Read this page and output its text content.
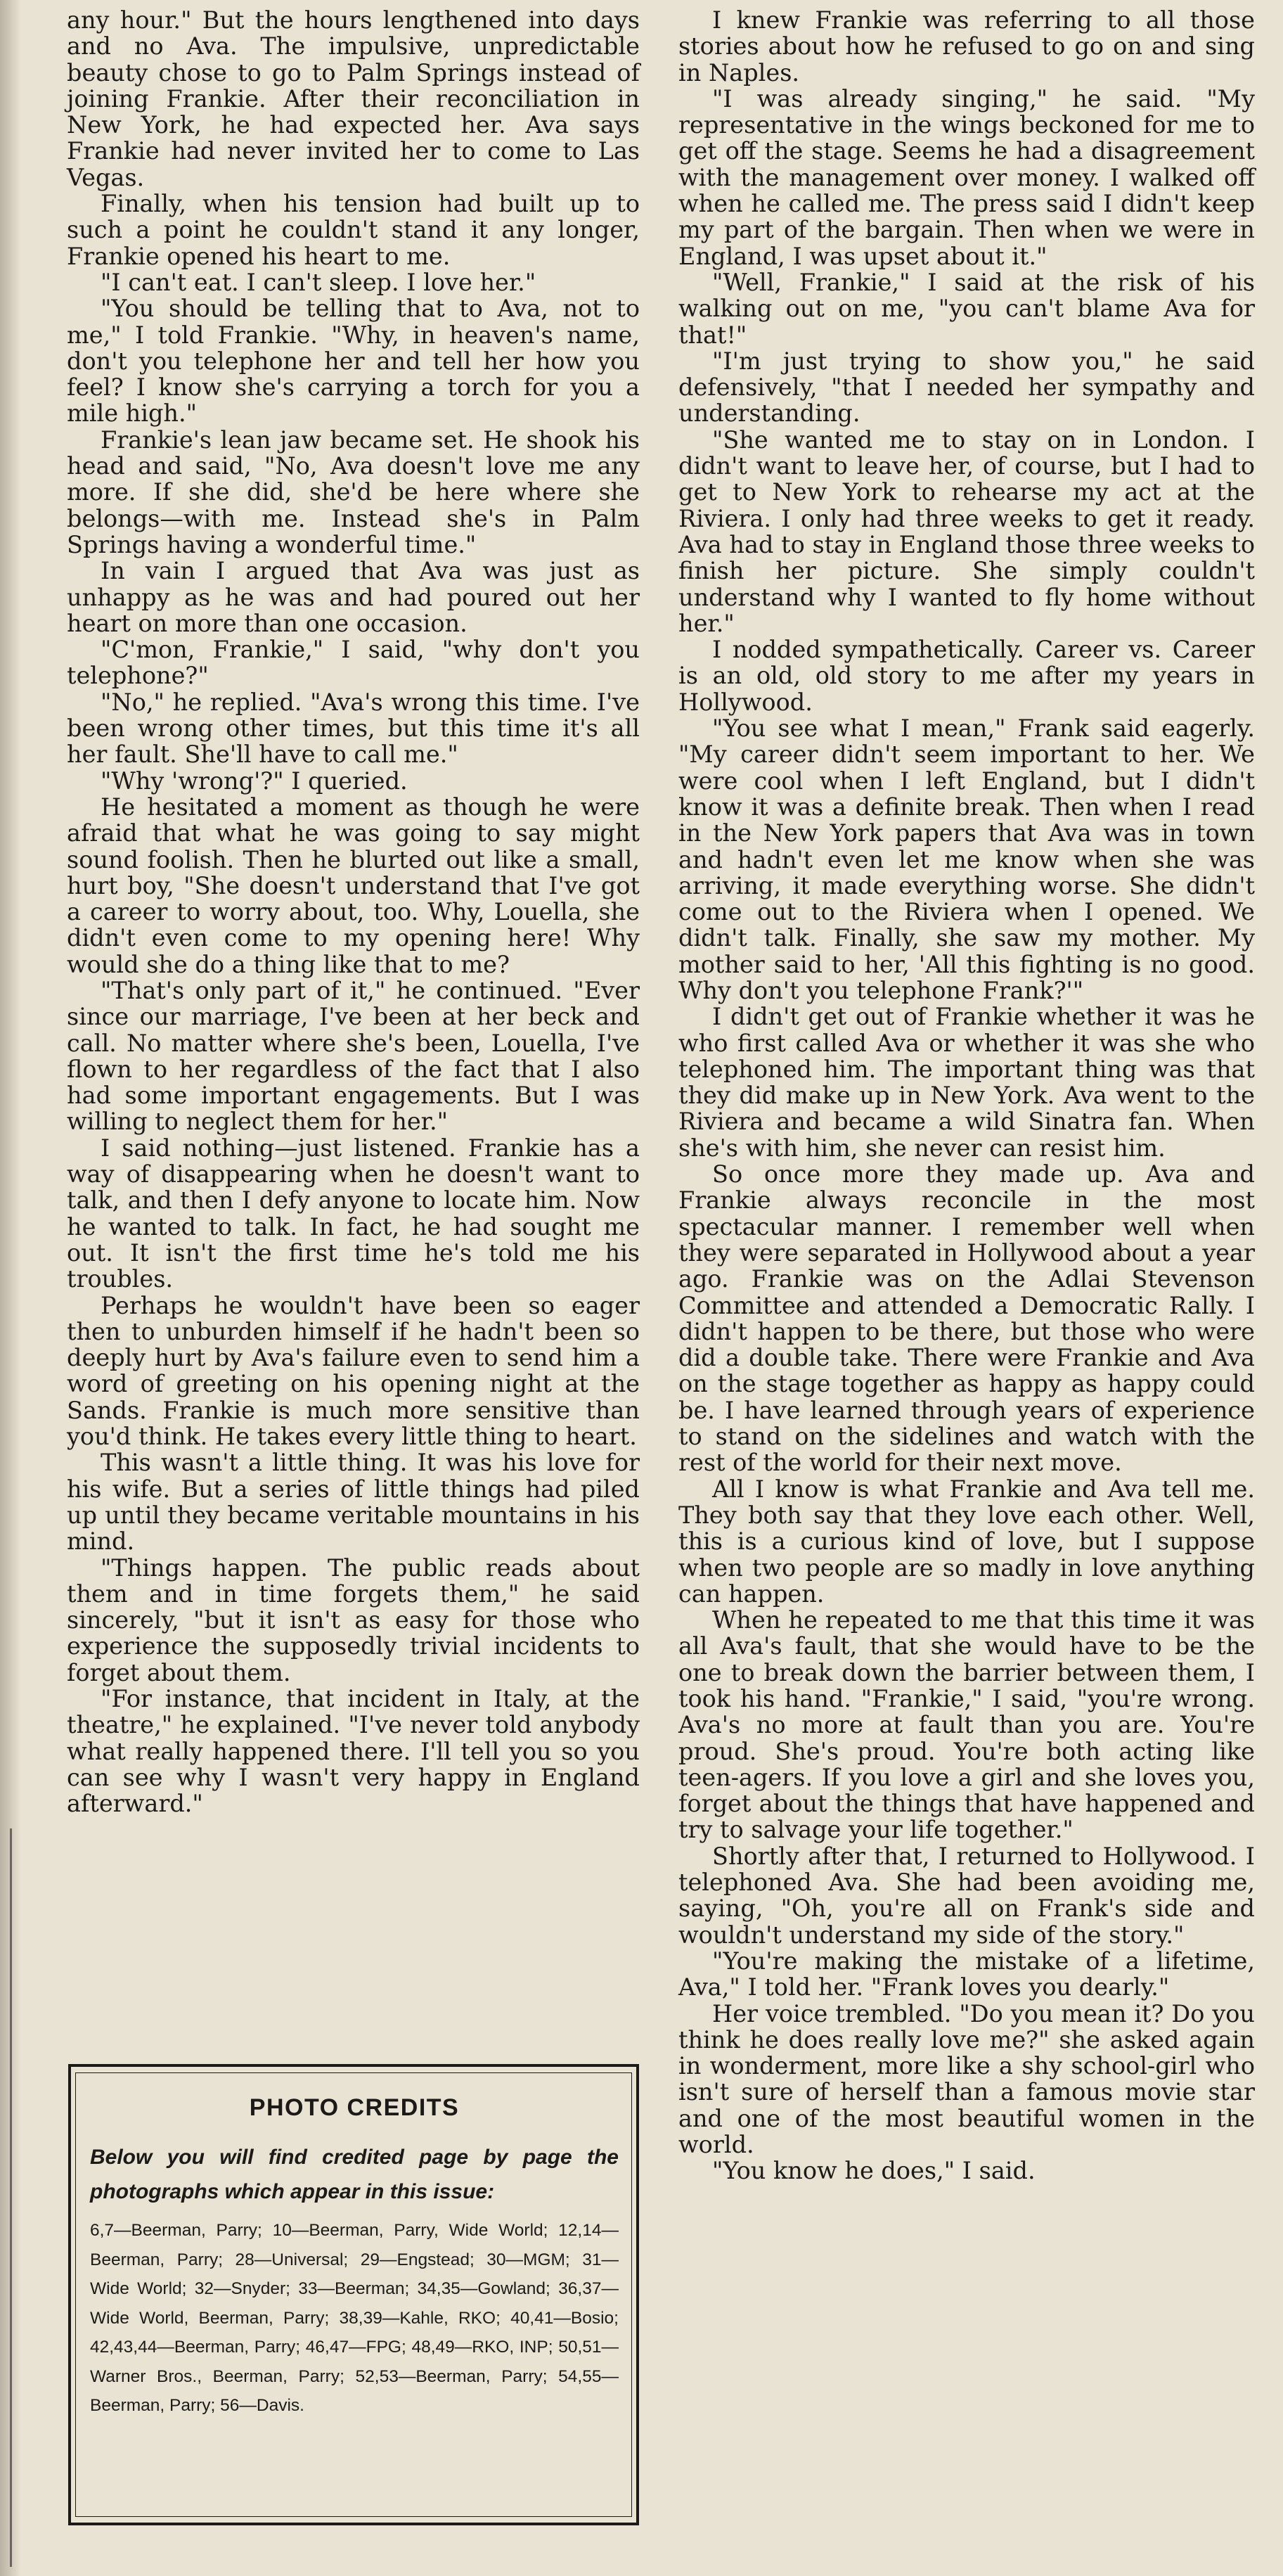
any hour." But the hours lengthened into days and no Ava. The impulsive, unpredictable beauty chose to go to Palm Springs instead of joining Frankie. After their reconciliation in New York, he had expected her. Ava says Frankie had never invited her to come to Las Vegas.

Finally, when his tension had built up to such a point he couldn't stand it any longer, Frankie opened his heart to me.

"I can't eat. I can't sleep. I love her."

"You should be telling that to Ava, not to me," I told Frankie. "Why, in heaven's name, don't you telephone her and tell her how you feel? I know she's carrying a torch for you a mile high."

Frankie's lean jaw became set. He shook his head and said, "No, Ava doesn't love me any more. If she did, she'd be here where she belongs—with me. Instead she's in Palm Springs having a wonderful time."

In vain I argued that Ava was just as unhappy as he was and had poured out her heart on more than one occasion.

"C'mon, Frankie," I said, "why don't you telephone?"

"No," he replied. "Ava's wrong this time. I've been wrong other times, but this time it's all her fault. She'll have to call me."

"Why 'wrong'?" I queried.

He hesitated a moment as though he were afraid that what he was going to say might sound foolish. Then he blurted out like a small, hurt boy, "She doesn't understand that I've got a career to worry about, too. Why, Louella, she didn't even come to my opening here! Why would she do a thing like that to me?

"That's only part of it," he continued. "Ever since our marriage, I've been at her beck and call. No matter where she's been, Louella, I've flown to her regardless of the fact that I also had some important engagements. But I was willing to neglect them for her."

I said nothing—just listened. Frankie has a way of disappearing when he doesn't want to talk, and then I defy anyone to locate him. Now he wanted to talk. In fact, he had sought me out. It isn't the first time he's told me his troubles.

Perhaps he wouldn't have been so eager then to unburden himself if he hadn't been so deeply hurt by Ava's failure even to send him a word of greeting on his opening night at the Sands. Frankie is much more sensitive than you'd think. He takes every little thing to heart.

This wasn't a little thing. It was his love for his wife. But a series of little things had piled up until they became veritable mountains in his mind.

"Things happen. The public reads about them and in time forgets them," he said sincerely, "but it isn't as easy for those who experience the supposedly trivial incidents to forget about them.

"For instance, that incident in Italy, at the theatre," he explained. "I've never told anybody what really happened there. I'll tell you so you can see why I wasn't very happy in England afterward."

I knew Frankie was referring to all those stories about how he refused to go on and sing in Naples.

"I was already singing," he said. "My representative in the wings beckoned for me to get off the stage. Seems he had a disagreement with the management over money. I walked off when he called me. The press said I didn't keep my part of the bargain. Then when we were in England, I was upset about it."

"Well, Frankie," I said at the risk of his walking out on me, "you can't blame Ava for that!"

"I'm just trying to show you," he said defensively, "that I needed her sympathy and understanding.

"She wanted me to stay on in London. I didn't want to leave her, of course, but I had to get to New York to rehearse my act at the Riviera. I only had three weeks to get it ready. Ava had to stay in England those three weeks to finish her picture. She simply couldn't understand why I wanted to fly home without her."

I nodded sympathetically. Career vs. Career is an old, old story to me after my years in Hollywood.

"You see what I mean," Frank said eagerly. "My career didn't seem important to her. We were cool when I left England, but I didn't know it was a definite break. Then when I read in the New York papers that Ava was in town and hadn't even let me know when she was arriving, it made everything worse. She didn't come out to the Riviera when I opened. We didn't talk. Finally, she saw my mother. My mother said to her, 'All this fighting is no good. Why don't you telephone Frank?'"

I didn't get out of Frankie whether it was he who first called Ava or whether it was she who telephoned him. The important thing was that they did make up in New York. Ava went to the Riviera and became a wild Sinatra fan. When she's with him, she never can resist him.

So once more they made up. Ava and Frankie always reconcile in the most spectacular manner. I remember well when they were separated in Hollywood about a year ago. Frankie was on the Adlai Stevenson Committee and attended a Democratic Rally. I didn't happen to be there, but those who were did a double take. There were Frankie and Ava on the stage together as happy as happy could be. I have learned through years of experience to stand on the sidelines and watch with the rest of the world for their next move.

All I know is what Frankie and Ava tell me. They both say that they love each other. Well, this is a curious kind of love, but I suppose when two people are so madly in love anything can happen.

When he repeated to me that this time it was all Ava's fault, that she would have to be the one to break down the barrier between them, I took his hand. "Frankie," I said, "you're wrong. Ava's no more at fault than you are. You're proud. She's proud. You're both acting like teen-agers. If you love a girl and she loves you, forget about the things that have happened and try to salvage your life together."

Shortly after that, I returned to Hollywood. I telephoned Ava. She had been avoiding me, saying, "Oh, you're all on Frank's side and wouldn't understand my side of the story."

"You're making the mistake of a lifetime, Ava," I told her. "Frank loves you dearly."

Her voice trembled. "Do you mean it? Do you think he does really love me?" she asked again in wonderment, more like a shy school-girl who isn't sure of herself than a famous movie star and one of the most beautiful women in the world.

"You know he does," I said.

PHOTO CREDITS

Below you will find credited page by page the photographs which appear in this issue:

6,7—Beerman, Parry; 10—Beerman, Parry, Wide World; 12,14—Beerman, Parry; 28—Universal; 29—Engstead; 30—MGM; 31—Wide World; 32—Snyder; 33—Beerman; 34,35—Gowland; 36,37—Wide World, Beerman, Parry; 38,39—Kahle, RKO; 40,41—Bosio; 42,43,44—Beerman, Parry; 46,47—FPG; 48,49—RKO, INP; 50,51—Warner Bros., Beerman, Parry; 52,53—Beerman, Parry; 54,55—Beerman, Parry; 56—Davis.
